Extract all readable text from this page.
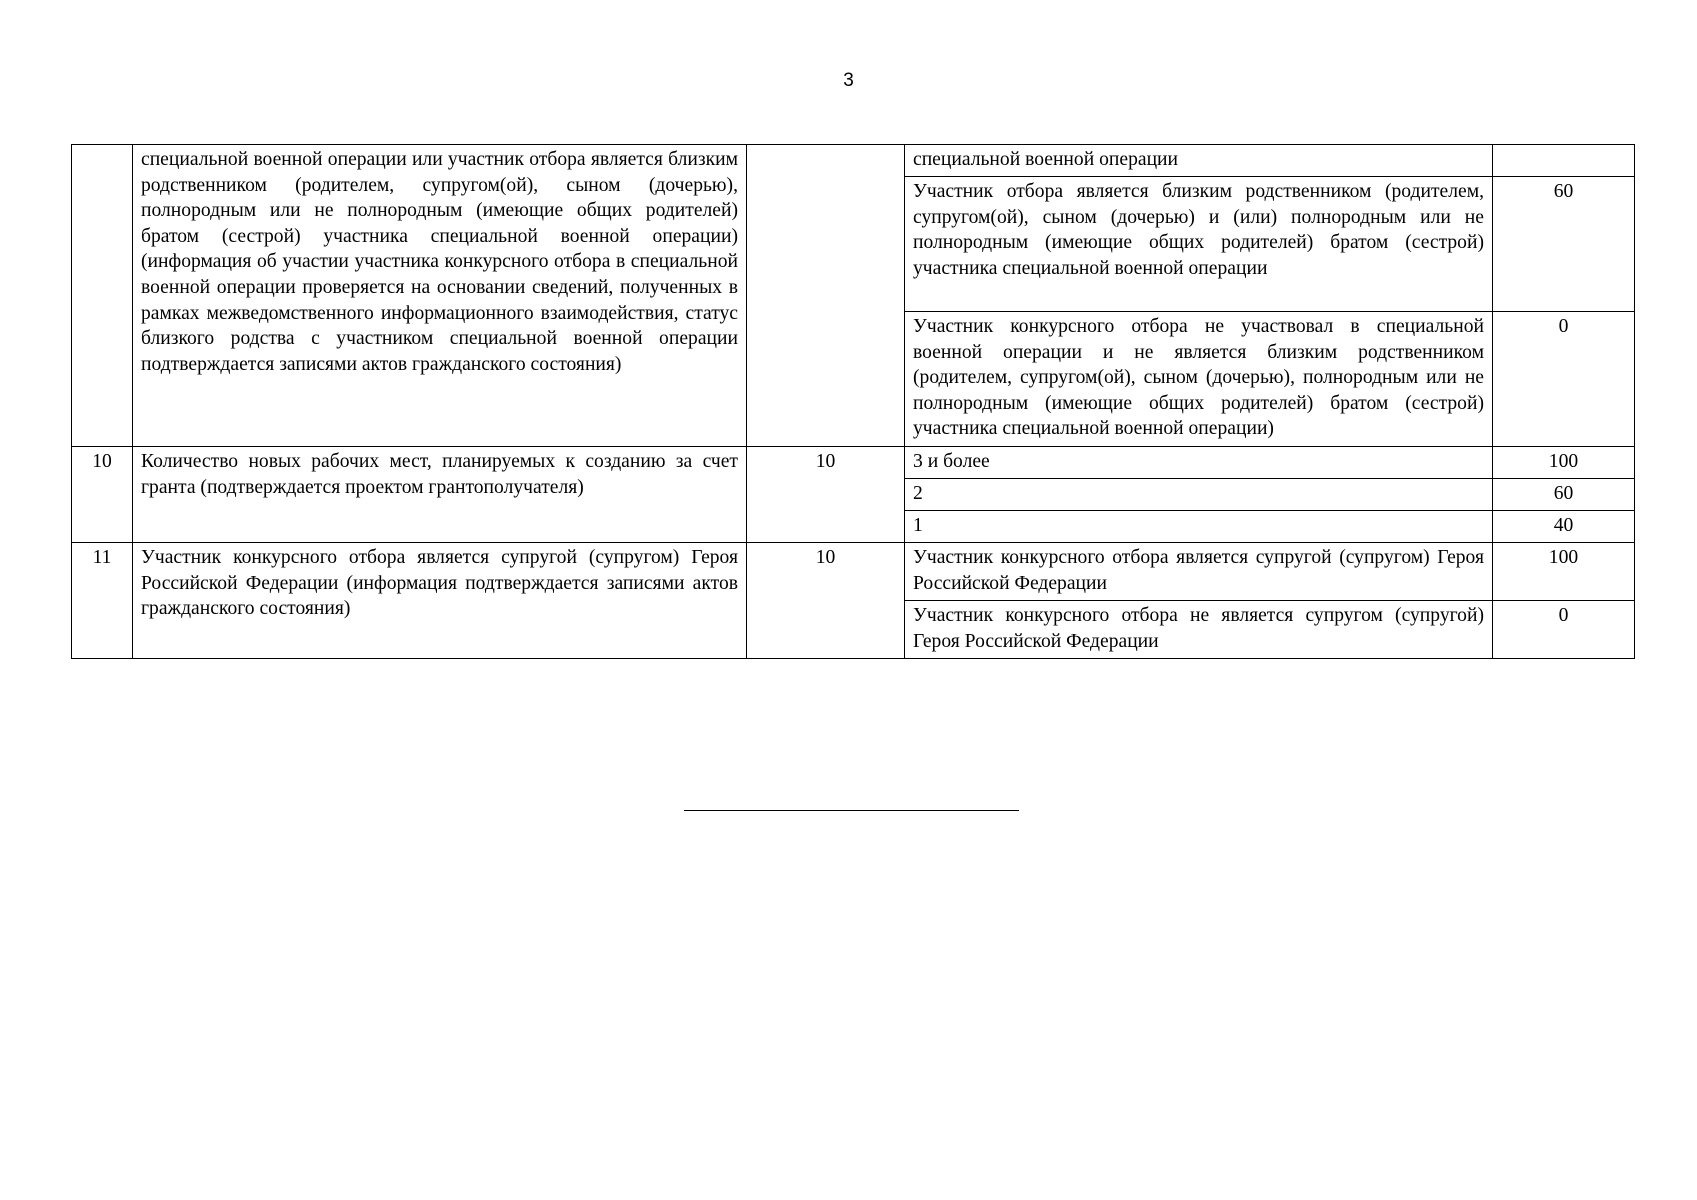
3
	специальной военной операции или участник отбора является близким родственником (родителем, супругом(ой), сыном (дочерью), полнородным или не полнородным (имеющие общих родителей) братом (сестрой) участника специальной военной операции) (информация об участии участника конкурсного отбора в специальной военной операции проверяется на основании сведений, полученных в рамках межведомственного информационного взаимодействия, статус близкого родства с участником специальной военной операции подтверждается записями актов гражданского состояния)		специальной военной операции	
			Участник отбора является близким родственником (родителем, супругом(ой), сыном (дочерью) и (или) полнородным или не полнородным (имеющие общих родителей) братом (сестрой) участника специальной военной операции	60
			Участник конкурсного отбора не участвовал в специальной военной операции и не является близким родственником (родителем, супругом(ой), сыном (дочерью), полнородным или не полнородным (имеющие общих родителей) братом (сестрой) участника специальной военной операции)	0
10	Количество новых рабочих мест, планируемых к созданию за счет гранта (подтверждается проектом грантополучателя)	10	3 и более	100
			2	60
			1	40
11	Участник конкурсного отбора является супругой (супругом) Героя Российской Федерации (информация подтверждается записями актов гражданского состояния)	10	Участник конкурсного отбора является супругой (супругом) Героя Российской Федерации	100
			Участник конкурсного отбора не является супругом (супругой) Героя Российской Федерации	0
